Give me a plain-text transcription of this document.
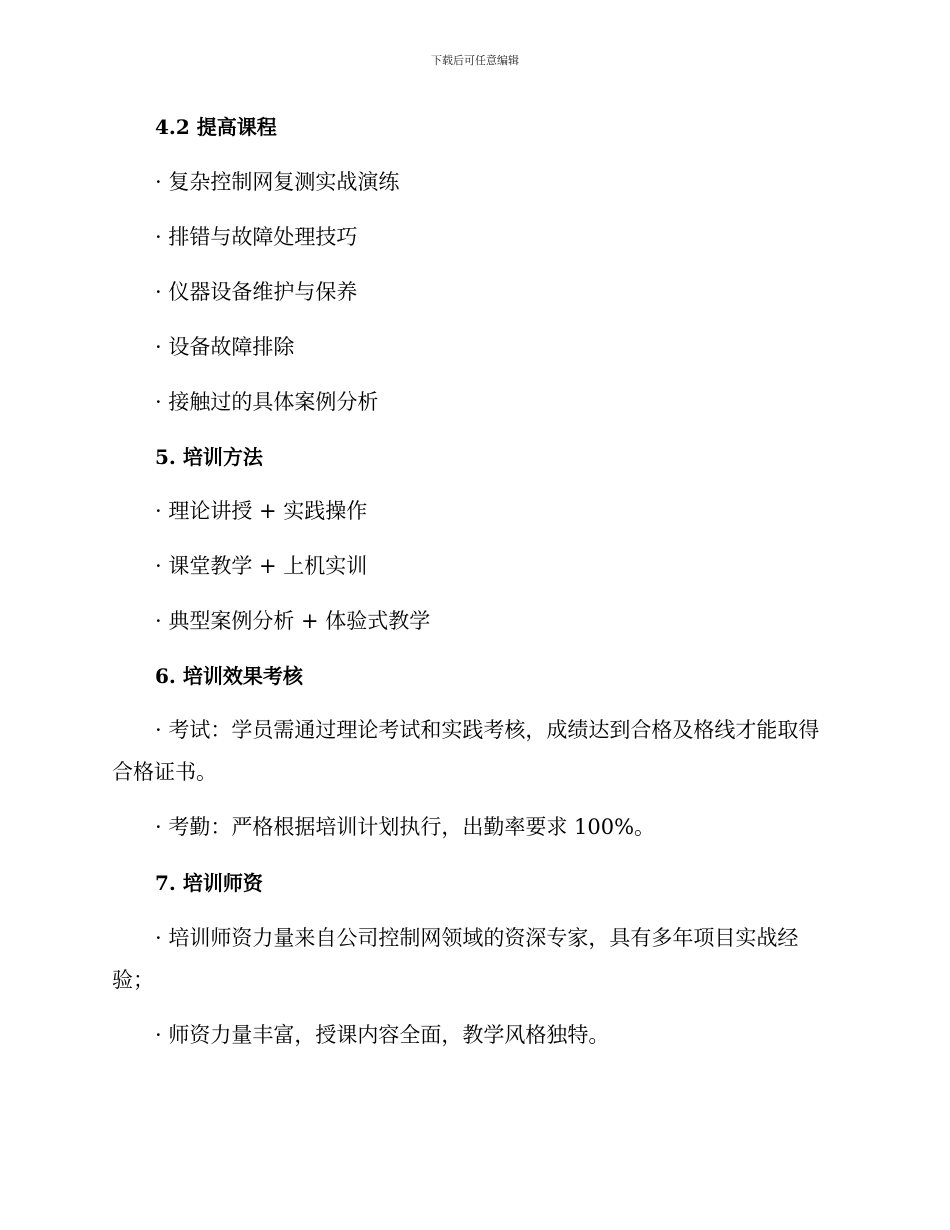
下载后可任意编辑
4.2 提高课程
· 复杂控制网复测实战演练
· 排错与故障处理技巧
· 仪器设备维护与保养
· 设备故障排除
· 接触过的具体案例分析
5. 培训方法
· 理论讲授 + 实践操作
· 课堂教学 + 上机实训
· 典型案例分析 + 体验式教学
6. 培训效果考核
· 考试：学员需通过理论考试和实践考核，成绩达到合格及格线才能取得合格证书。
· 考勤：严格根据培训计划执行，出勤率要求 100%。
7. 培训师资
· 培训师资力量来自公司控制网领域的资深专家，具有多年项目实战经验；
· 师资力量丰富，授课内容全面，教学风格独特。
